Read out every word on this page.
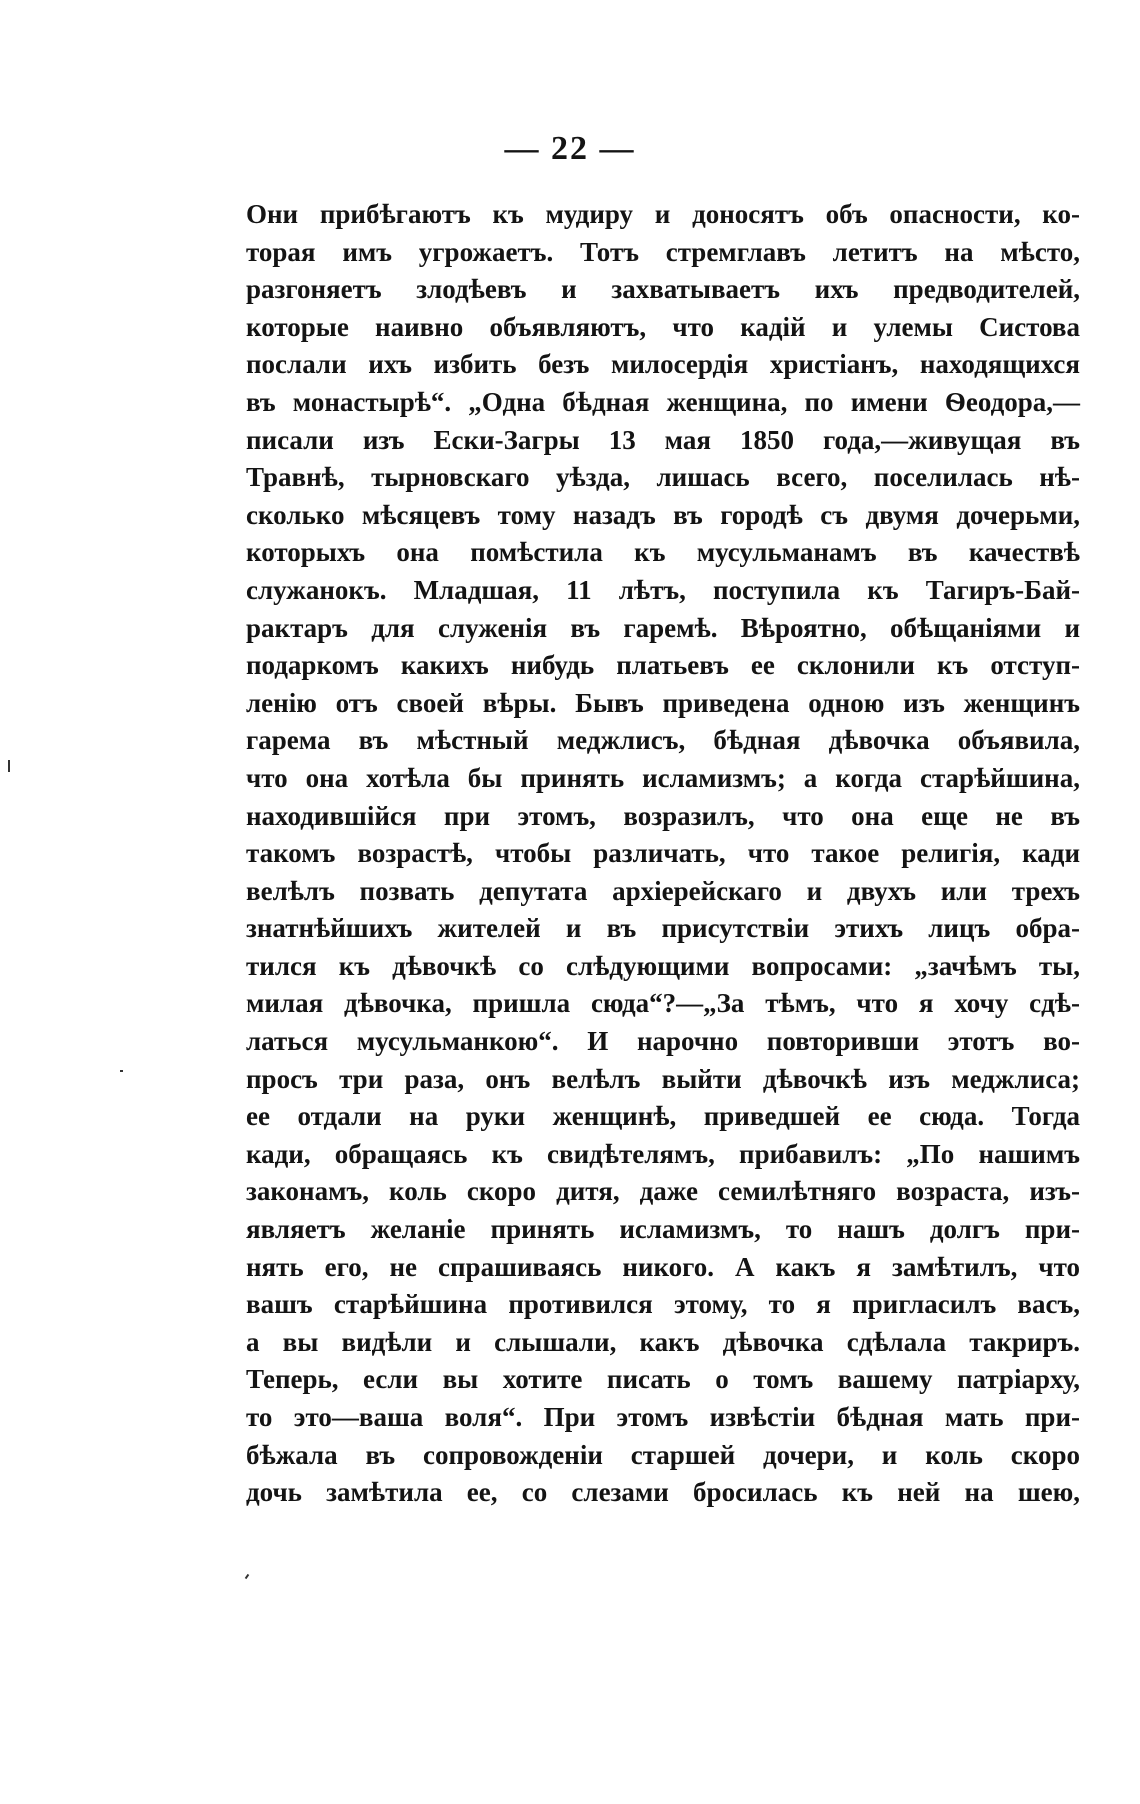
— 22 —
Они прибѣгаютъ къ мудиру и доносятъ объ опасности, ко-
торая имъ угрожаетъ. Тотъ стремглавъ летитъ на мѣсто,
разгоняетъ злодѣевъ и захватываетъ ихъ предводителей,
которые наивно объявляютъ, что кадій и улемы Систова
послали ихъ избить безъ милосердія христіанъ, находящихся
въ монастырѣ“. „Одна бѣдная женщина, по имени Ѳеодора,—
писали изъ Ески-Загры 13 мая 1850 года,—живущая въ
Травнѣ, тырновскаго уѣзда, лишась всего, поселилась нѣ-
сколько мѣсяцевъ тому назадъ въ городѣ съ двумя дочерьми,
которыхъ она помѣстила къ мусульманамъ въ качествѣ
служанокъ. Младшая, 11 лѣтъ, поступила къ Тагиръ-Бай-
рактаръ для служенія въ гаремѣ. Вѣроятно, обѣщаніями и
подаркомъ какихъ нибудь платьевъ ее склонили къ отступ-
ленію отъ своей вѣры. Бывъ приведена одною изъ женщинъ
гарема въ мѣстный меджлисъ, бѣдная дѣвочка объявила,
что она хотѣла бы принять исламизмъ; а когда старѣйшина,
находившійся при этомъ, возразилъ, что она еще не въ
такомъ возрастѣ, чтобы различать, что такое религія, кади
велѣлъ позвать депутата архіерейскаго и двухъ или трехъ
знатнѣйшихъ жителей и въ присутствіи этихъ лицъ обра-
тился къ дѣвочкѣ со слѣдующими вопросами: „зачѣмъ ты,
милая дѣвочка, пришла сюда“?—„За тѣмъ, что я хочу сдѣ-
латься мусульманкою“. И нарочно повторивши этотъ во-
просъ три раза, онъ велѣлъ выйти дѣвочкѣ изъ меджлиса;
ее отдали на руки женщинѣ, приведшей ее сюда. Тогда
кади, обращаясь къ свидѣтелямъ, прибавилъ: „По нашимъ
законамъ, коль скоро дитя, даже семилѣтняго возраста, изъ-
являетъ желаніе принять исламизмъ, то нашъ долгъ при-
нять его, не спрашиваясь никого. А какъ я замѣтилъ, что
вашъ старѣйшина противился этому, то я пригласилъ васъ,
а вы видѣли и слышали, какъ дѣвочка сдѣлала такриръ.
Теперь, если вы хотите писать о томъ вашему патріарху,
то это—ваша воля“. При этомъ извѣстіи бѣдная мать при-
бѣжала въ сопровожденіи старшей дочери, и коль скоро
дочь замѣтила ее, со слезами бросилась къ ней на шею,
